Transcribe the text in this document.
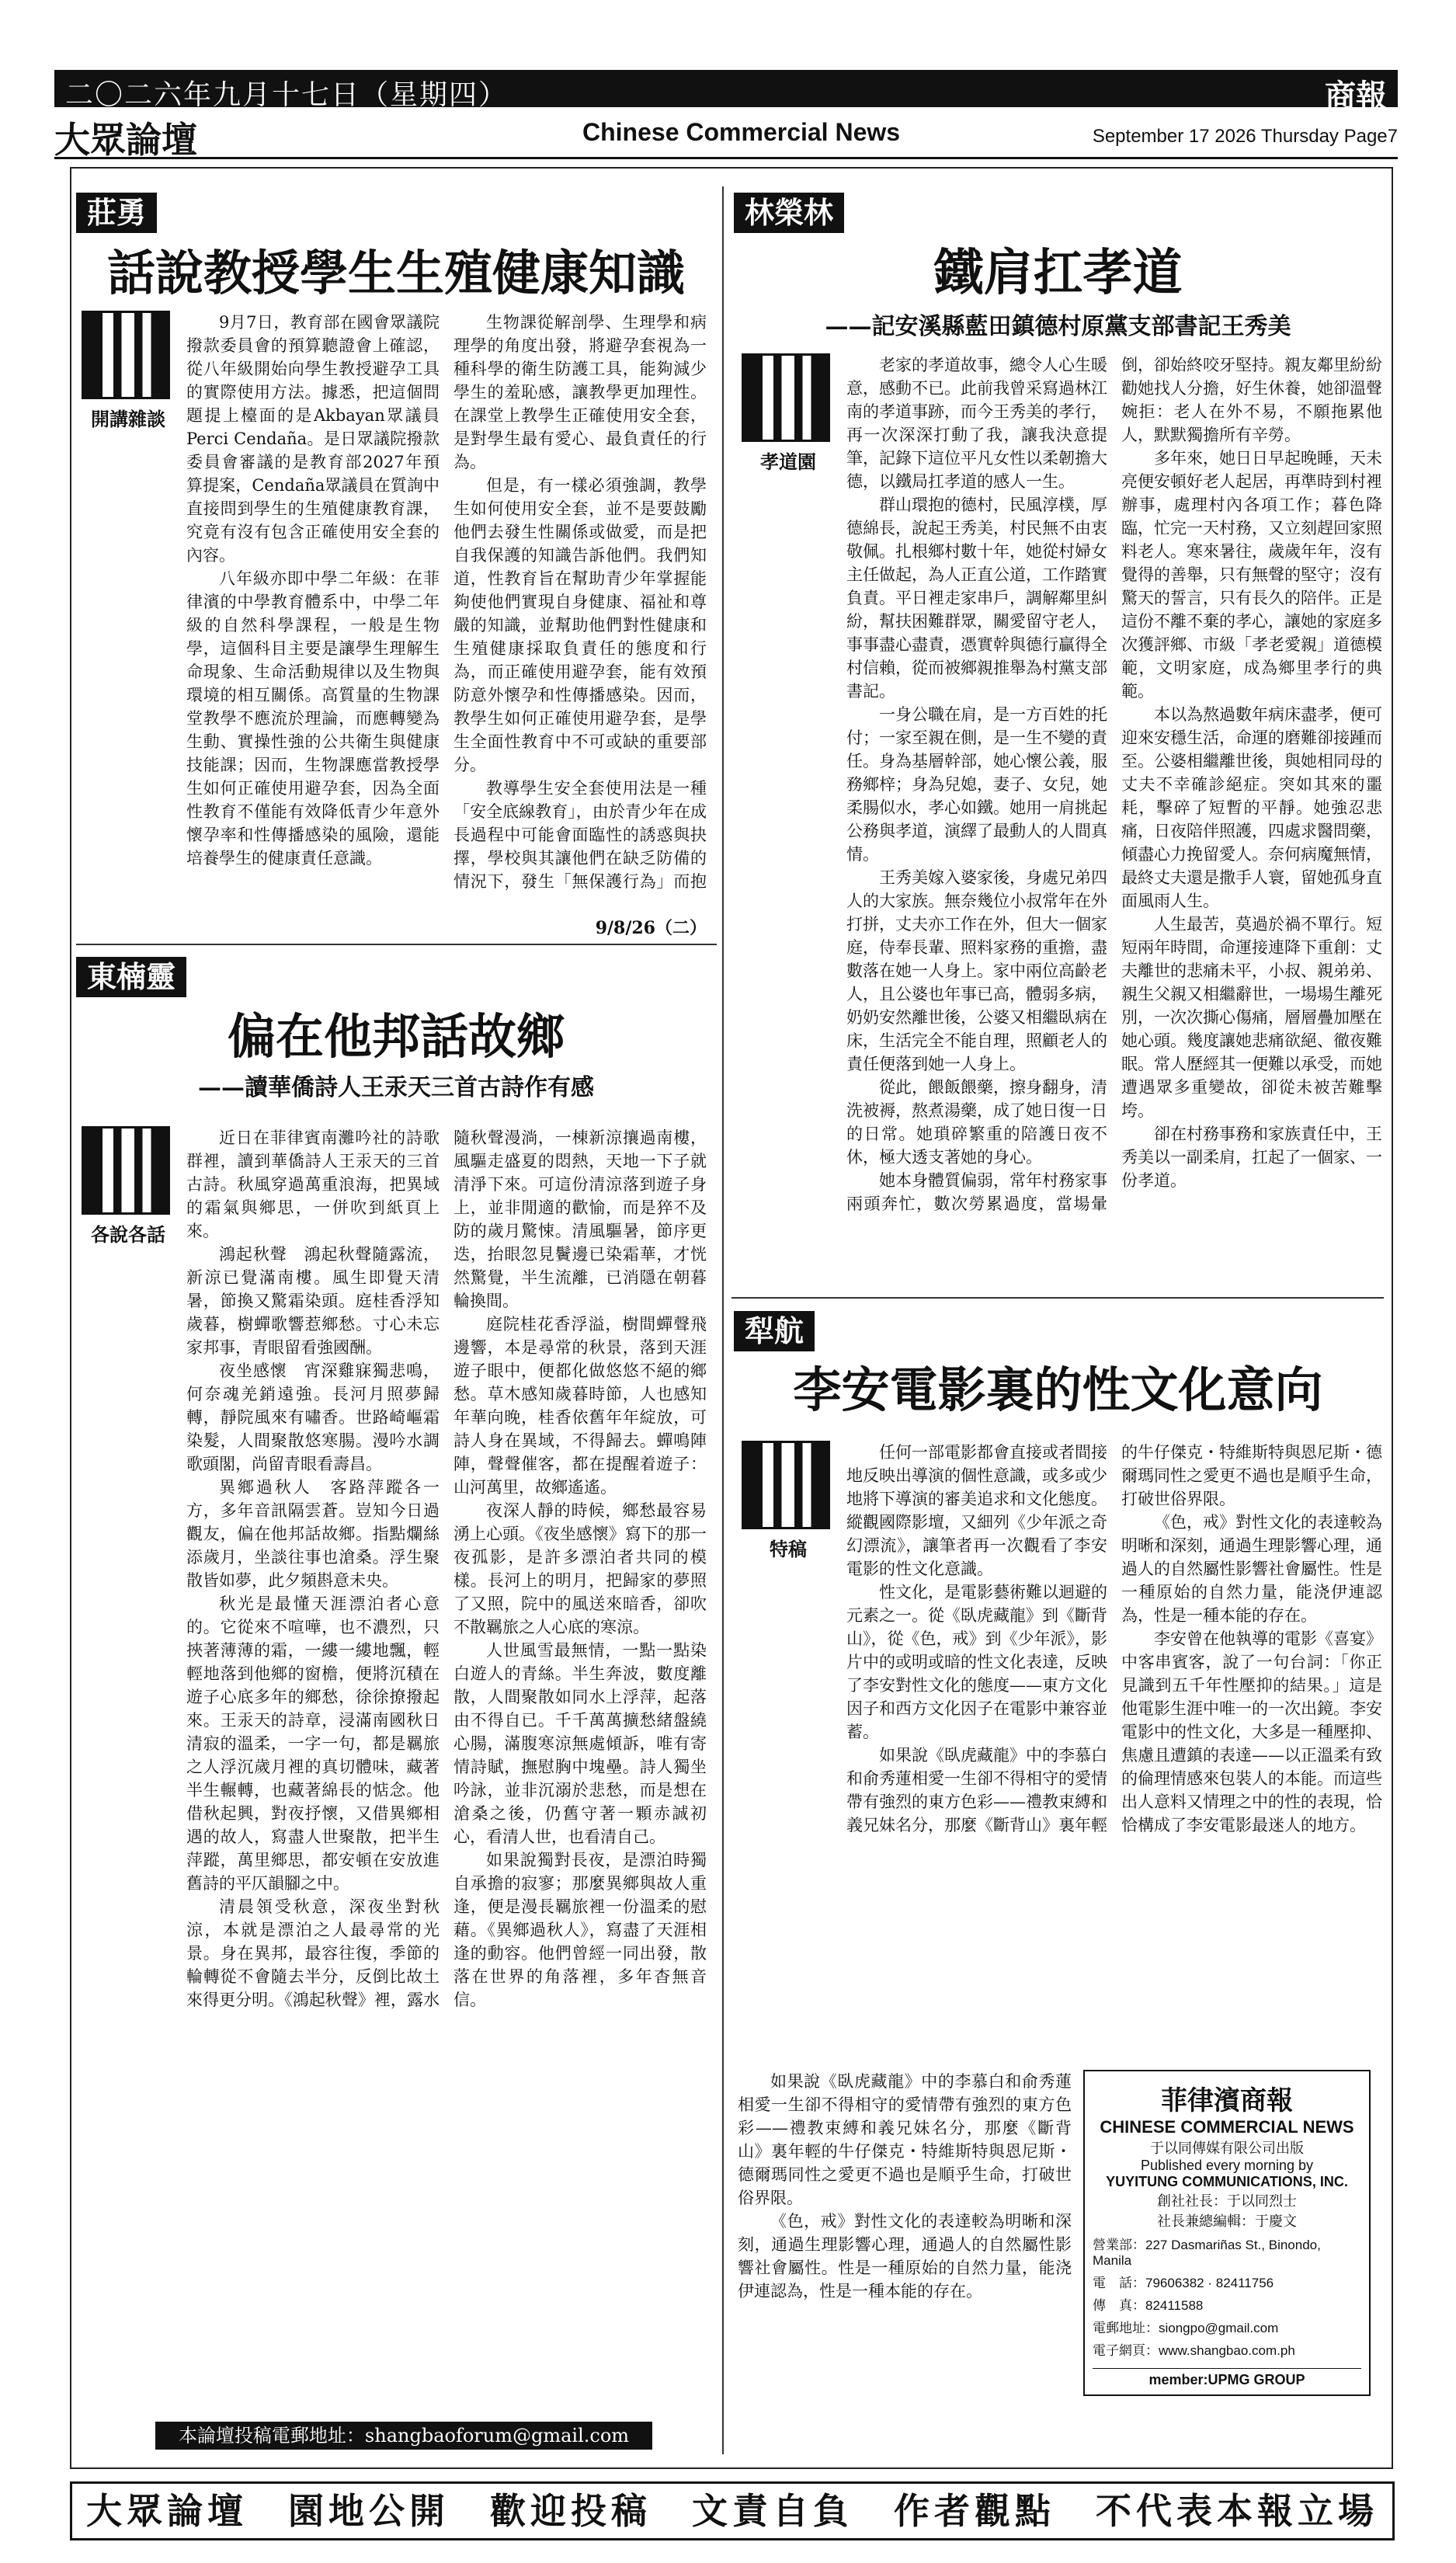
二〇二六年九月十七日（星期四）	商報
大眾論壇	Chinese Commercial News	September 17 2026 Thursday Page7
莊勇
話說教授學生生殖健康知識
開講雜談

9月7日，教育部在國會眾議院撥款委員會的預算聽證會上確認，從八年級開始向學生教授避孕工具的實際使用方法。據悉，把這個問題提上檯面的是Akbayan眾議員Perci Cendaña。是日眾議院撥款委員會審議的是教育部2027年預算提案，Cendaña眾議員在質詢中直接問到學生的生殖健康教育課，究竟有沒有包含正確使用安全套的內容。

八年級亦即中學二年級：在菲律濱的中學教育體系中，中學二年級的自然科學課程，一般是生物學，這個科目主要是讓學生理解生命現象、生命活動規律以及生物與環境的相互關係。高質量的生物課堂教學不應流於理論，而應轉變為生動、實操性強的公共衛生與健康技能課；因而，生物課應當教授學生如何正確使用避孕套，因為全面性教育不僅能有效降低青少年意外懷孕率和性傳播感染的風險，還能培養學生的健康責任意識。

生物課從解剖學、生理學和病理學的角度出發，將避孕套視為一種科學的衛生防護工具，能夠減少學生的羞恥感，讓教學更加理性。在課堂上教學生正確使用安全套，是對學生最有愛心、最負責任的行為。

但是，有一樣必須強調，教學生如何使用安全套，並不是要鼓勵他們去發生性關係或做愛，而是把自我保護的知識告訴他們。我們知道，性教育旨在幫助青少年掌握能夠使他們實現自身健康、福祉和尊嚴的知識，並幫助他們對性健康和生殖健康採取負責任的態度和行為，而正確使用避孕套，能有效預防意外懷孕和性傳播感染。因而，教學生如何正確使用避孕套，是學生全面性教育中不可或缺的重要部分。

教導學生安全套使用法是一種「安全底線教育」，由於青少年在成長過程中可能會面臨性的誘惑與抉擇，學校與其讓他們在缺乏防備的情況下，發生「無保護行為」而抱

9/8/26（二）
東楠靈
偏在他邦話故鄉
——讀華僑詩人王汞天三首古詩作有感
各說各話

近日在菲律賓南灘吟社的詩歌群裡，讀到華僑詩人王汞天的三首古詩。秋風穿過萬重浪海，把異域的霜氣與鄉思，一併吹到紙頁上來。

鴻起秋聲　鴻起秋聲隨露流，新涼已覺滿南樓。風生即覺天清暑，節換又驚霜染頭。庭桂香浮知歲暮，樹蟬歌響惹鄉愁。寸心未忘家邦事，青眼留看強國酬。

夜坐感懷　宵深雞寐獨悲鳴，何奈魂羌銷遠強。長河月照夢歸轉，靜院風來有嘯香。世路崎嶇霜染髮，人間聚散悠寒腸。漫吟水調歌頭閣，尚留青眼看壽昌。

異鄉過秋人　客路萍蹤各一方，多年音訊隔雲蒼。豈知今日過觀友，偏在他邦話故鄉。指點爛絲添歲月，坐談往事也滄桑。浮生聚散皆如夢，此夕頻斟意未央。

秋光是最懂天涯漂泊者心意的。它從來不喧嘩，也不濃烈，只挾著薄薄的霜，一縷一縷地飄，輕輕地落到他鄉的窗檐，便將沉積在遊子心底多年的鄉愁，徐徐撩撥起來。王汞天的詩章，浸滿南國秋日清寂的溫柔，一字一句，都是羈旅之人浮沉歲月裡的真切體味，藏著半生輾轉，也藏著綿長的惦念。他借秋起興，對夜抒懷，又借異鄉相遇的故人，寫盡人世聚散，把半生萍蹤，萬里鄉思，都安頓在安放進舊詩的平仄韻腳之中。

清晨領受秋意，深夜坐對秋涼，本就是漂泊之人最尋常的光景。身在異邦，最容往復，季節的輪轉從不會隨去半分，反倒比故土來得更分明。《鴻起秋聲》裡，露水隨秋聲漫淌，一棟新涼攘過南樓，風驅走盛夏的悶熱，天地一下子就清淨下來。可這份清涼落到遊子身上，並非閒適的歡愉，而是猝不及防的歲月驚悚。清風驅暑，節序更迭，抬眼忽見鬢邊已染霜華，才恍然驚覺，半生流離，已消隱在朝暮輪換間。

庭院桂花香浮溢，樹間蟬聲飛邊響，本是尋常的秋景，落到天涯遊子眼中，便都化做悠悠不絕的鄉愁。草木感知歲暮時節，人也感知年華向晚，桂香依舊年年綻放，可詩人身在異域，不得歸去。蟬鳴陣陣，聲聲催客，都在提醒着遊子：山河萬里，故鄉遙遙。

夜深人靜的時候，鄉愁最容易湧上心頭。《夜坐感懷》寫下的那一夜孤影，是許多漂泊者共同的模樣。長河上的明月，把歸家的夢照了又照，院中的風送來暗香，卻吹不散羈旅之人心底的寒涼。

人世風雪最無情，一點一點染白遊人的青絲。半生奔波，數度離散，人間聚散如同水上浮萍，起落由不得自已。千千萬萬擴愁緒盤繞心腸，滿腹寒涼無處傾訴，唯有寄情詩賦，撫慰胸中塊壘。詩人獨坐吟詠，並非沉溺於悲愁，而是想在滄桑之後，仍舊守著一顆赤誠初心，看清人世，也看清自己。

如果說獨對長夜，是漂泊時獨自承擔的寂寥；那麼異鄉與故人重逢，便是漫長羈旅裡一份溫柔的慰藉。《異鄉過秋人》，寫盡了天涯相逢的動容。他們曾經一同出發，散落在世界的角落裡，多年杳無音信。

本論壇投稿電郵地址：shangbaoforum@gmail.com
林榮林
鐵肩扛孝道
——記安溪縣藍田鎮德村原黨支部書記王秀美
孝道園

老家的孝道故事，總令人心生暖意，感動不已。此前我曾采寫過林江南的孝道事跡，而今王秀美的孝行，再一次深深打動了我，讓我決意提筆，記錄下這位平凡女性以柔韌擔大德，以鐵局扛孝道的感人一生。

群山環抱的德村，民風淳樸，厚德綿長，說起王秀美，村民無不由衷敬佩。扎根鄉村數十年，她從村婦女主任做起，為人正直公道，工作踏實負責。平日裡走家串戶，調解鄰里糾紛，幫扶困難群眾，關愛留守老人，事事盡心盡責，憑實幹與德行贏得全村信賴，從而被鄉親推舉為村黨支部書記。

一身公職在肩，是一方百姓的托付；一家至親在側，是一生不變的責任。身為基層幹部，她心懷公義，服務鄉梓；身為兒媳，妻子、女兒，她柔腸似水，孝心如鐵。她用一肩挑起公務與孝道，演繹了最動人的人間真情。

王秀美嫁入婆家後，身處兄弟四人的大家族。無奈幾位小叔常年在外打拼，丈夫亦工作在外，但大一個家庭，侍奉長輩、照料家務的重擔，盡數落在她一人身上。家中兩位高齡老人，且公婆也年事已高，體弱多病，奶奶安然離世後，公婆又相繼臥病在床，生活完全不能自理，照顧老人的責任便落到她一人身上。

從此，餵飯餵藥，擦身翻身，清洗被褥，熬煮湯藥，成了她日復一日的日常。她瑣碎繁重的陪護日夜不休，極大透支著她的身心。

她本身體質偏弱，常年村務家事兩頭奔忙，數次勞累過度，當場暈倒，卻始終咬牙堅持。親友鄰里紛紛勸她找人分擔，好生休養，她卻溫聲婉拒：老人在外不易，不願拖累他人，默默獨擔所有辛勞。

多年來，她日日早起晚睡，天未亮便安頓好老人起居，再準時到村裡辦事，處理村內各項工作；暮色降臨，忙完一天村務，又立刻趕回家照料老人。寒來暑往，歲歲年年，沒有覺得的善舉，只有無聲的堅守；沒有驚天的誓言，只有長久的陪伴。正是這份不離不棄的孝心，讓她的家庭多次獲評鄉、市級「孝老愛親」道德模範，文明家庭，成為鄉里孝行的典範。

本以為熬過數年病床盡孝，便可迎來安穩生活，命運的磨難卻接踵而至。公婆相繼離世後，與她相同母的丈夫不幸確診絕症。突如其來的噩耗，擊碎了短暫的平靜。她強忍悲痛，日夜陪伴照護，四處求醫問藥，傾盡心力挽留愛人。奈何病魔無情，最終丈夫還是撒手人寰，留她孤身直面風雨人生。

人生最苦，莫過於禍不單行。短短兩年時間，命運接連降下重創：丈夫離世的悲痛未平，小叔、親弟弟、親生父親又相繼辭世，一場場生離死別，一次次撕心傷痛，層層疊加壓在她心頭。幾度讓她悲痛欲絕、徹夜難眠。常人歷經其一便難以承受，而她遭遇眾多重變故，卻從未被苦難擊垮。

卻在村務事務和家族責任中，王秀美以一副柔肩，扛起了一個家、一份孝道。

犁航
李安電影裏的性文化意向
特稿

任何一部電影都會直接或者間接地反映出導演的個性意識，或多或少地將下導演的審美追求和文化態度。縱觀國際影壇，又細列《少年派之奇幻漂流》，讓筆者再一次觀看了李安電影的性文化意識。

性文化，是電影藝術難以迴避的元素之一。從《臥虎藏龍》到《斷背山》，從《色，戒》到《少年派》，影片中的或明或暗的性文化表達，反映了李安對性文化的態度——東方文化因子和西方文化因子在電影中兼容並蓄。

如果說《臥虎藏龍》中的李慕白和俞秀蓮相愛一生卻不得相守的愛情帶有強烈的東方色彩——禮教束縛和義兄妹名分，那麼《斷背山》裏年輕的牛仔傑克・特維斯特與恩尼斯・德爾瑪同性之愛更不過也是順乎生命，打破世俗界限。

《色，戒》對性文化的表達較為明晰和深刻，通過生理影響心理，通過人的自然屬性影響社會屬性。性是一種原始的自然力量，能浇伊連認為，性是一種本能的存在。

李安曾在他執導的電影《喜宴》中客串賓客，說了一句台詞：「你正見識到五千年性壓抑的結果。」這是他電影生涯中唯一的一次出鏡。李安電影中的性文化，大多是一種壓抑、焦慮且遭鎮的表達——以正溫柔有致的倫理情感來包裝人的本能。而這些出人意料又情理之中的性的表現，恰恰構成了李安電影最迷人的地方。

如果說《臥虎藏龍》中的李慕白和俞秀蓮相愛一生卻不得相守的愛情帶有強烈的東方色彩——禮教束縛和義兄妹名分，那麼《斷背山》裏年輕的牛仔傑克・特維斯特與恩尼斯・德爾瑪同性之愛更不過也是順乎生命，打破世俗界限。

《色，戒》對性文化的表達較為明晰和深刻，通過生理影響心理，通過人的自然屬性影響社會屬性。性是一種原始的自然力量，能浇伊連認為，性是一種本能的存在。

菲律濱商報
CHINESE COMMERCIAL NEWS
于以同傳媒有限公司出版
Published every morning by
YUYITUNG COMMUNICATIONS, INC.
創社社長：于以同烈士
社長兼總編輯：于慶文
營業部：227 Dasmariñas St., Binondo, Manila
電　話：79606382 · 82411756
傳　真：82411588
電郵地址：siongpo@gmail.com
電子網頁：www.shangbao.com.ph
member:UPMG GROUP
大眾論壇　園地公開　歡迎投稿　文責自負　作者觀點　不代表本報立場
